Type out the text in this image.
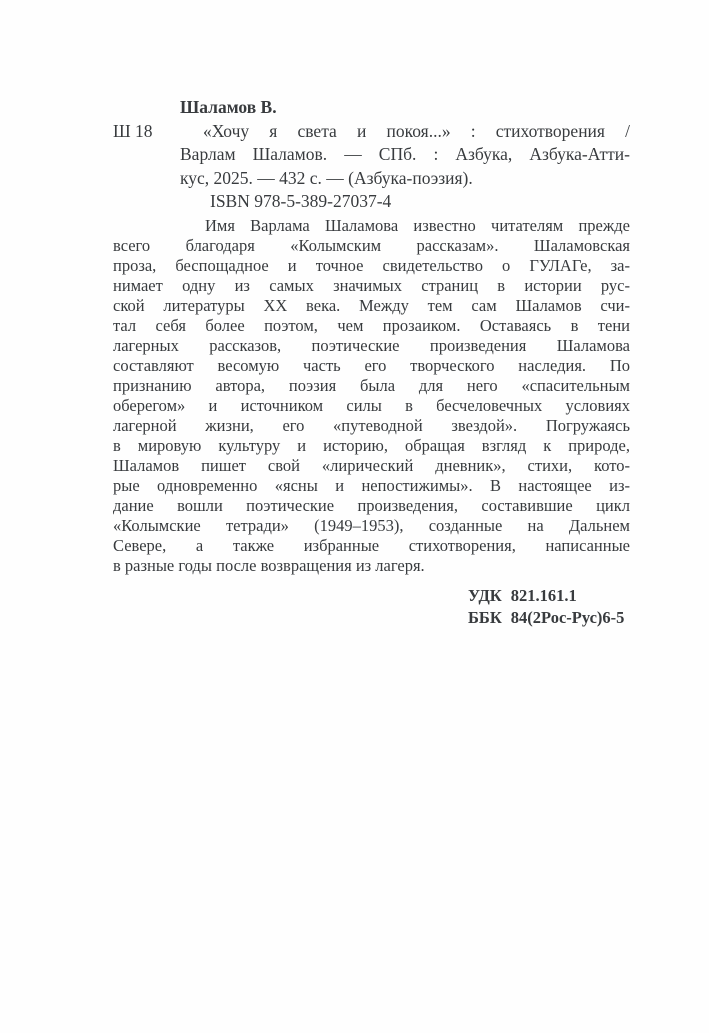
Шаламов В.
Ш 18	«Хочу я света и покоя...» : стихотворения /
Варлам Шаламов. — СПб. : Азбука, Азбука-Атти-
кус, 2025. — 432 с. — (Азбука-поэзия).
ISBN 978-5-389-27037-4
Имя Варлама Шаламова известно читателям прежде
всего благодаря «Колымским рассказам». Шаламовская
проза, беспощадное и точное свидетельство о ГУЛАГе, за-
нимает одну из самых значимых страниц в истории рус-
ской литературы XX века. Между тем сам Шаламов счи-
тал себя более поэтом, чем прозаиком. Оставаясь в тени
лагерных рассказов, поэтические произведения Шаламова
составляют весомую часть его творческого наследия. По
признанию автора, поэзия была для него «спасительным
оберегом» и источником силы в бесчеловечных условиях
лагерной жизни, его «путеводной звездой». Погружаясь
в мировую культуру и историю, обращая взгляд к природе,
Шаламов пишет свой «лирический дневник», стихи, кото-
рые одновременно «ясны и непостижимы». В настоящее из-
дание вошли поэтические произведения, составившие цикл
«Колымские тетради» (1949–1953), созданные на Дальнем
Севере, а также избранные стихотворения, написанные
в разные годы после возвращения из лагеря.
УДК 821.161.1
ББК 84(2Рос-Рус)6-5
